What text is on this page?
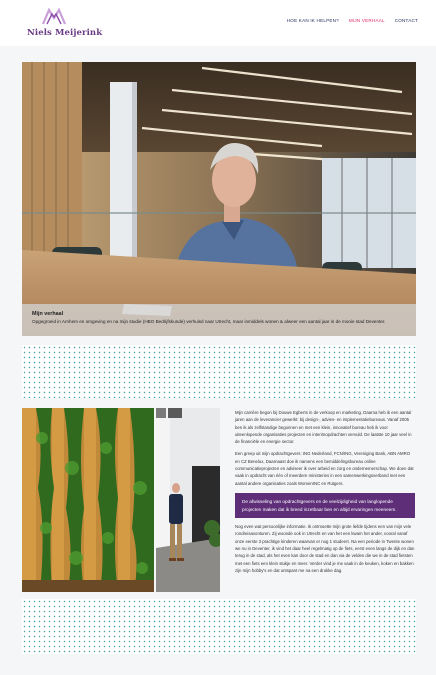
Niels Meijerink
HOE KAN IK HELPEN? MIJN VERHAAL CONTACT
Mijn verhaal
Opgegroeid in Arnhem en omgeving en na mijn studie (HBO Bedrijfskunde) verhuisd naar Utrecht, maar inmiddels wonen & alweer een aantal jaar in de mooie stad Deventer.

Mijn carrière begon bij Douwe Egberts in de verkoop en marketing. Daarna heb ik een aantal jaren aan de leverancier gewerkt: bij design-, advies- en implementatiebureaus. Vanaf 2005 ben ik als zelfstandige begonnen en met een klein, innovatief bureau heb ik voor uiteenlopende organisaties projecten en interimopdrachten vervuld. De laatste 10 jaar veel in de financiële en energie sector.

Een greep uit mijn opdrachtgevers: ING Nederland, FCN/ING, Vereniging Bank, ABN AMRO en CZ Benelux, Daarnaast doe ik namens een bemiddelingsbureau online communicatieprojecten en adviseer ik over arbeid en zorg en ondernemerschap. We doen dat vaak in opdracht van één of meerdere ministeries in een samenwerkingsverband met een aantal andere organisaties zoals WomenINC en Rutgers.

De afwisseling van opdrachtgevers en de veelzijdigheid van langlopende projecten maken dat ik breed inzetbaar ben en altijd ervaringen meeneem.

Nog even wat persoonlijke informatie. Ik ontmoette mijn grote liefde tijdens een van mijn vele rondreisavonturen. Zij woonde ook in Utrecht en van het een kwam het ander, vooral vanaf onze eerste 3 prachtige kinderen waarvan er nog 1 studeert. Na een periode in Twente wonen we nu in Deventer, ik vind het daar heel regelmatig op de fiets, eerst even langs de dijk en dan terug in de stad, als het even kan door de stad en dan via de velden die we in de stad fietsten met een fiets een klein stukje en meer. Verder vind je me vaak in de keuken, koken en bakken zijn mijn hobby's en dat ontspant me na een drukke dag.
